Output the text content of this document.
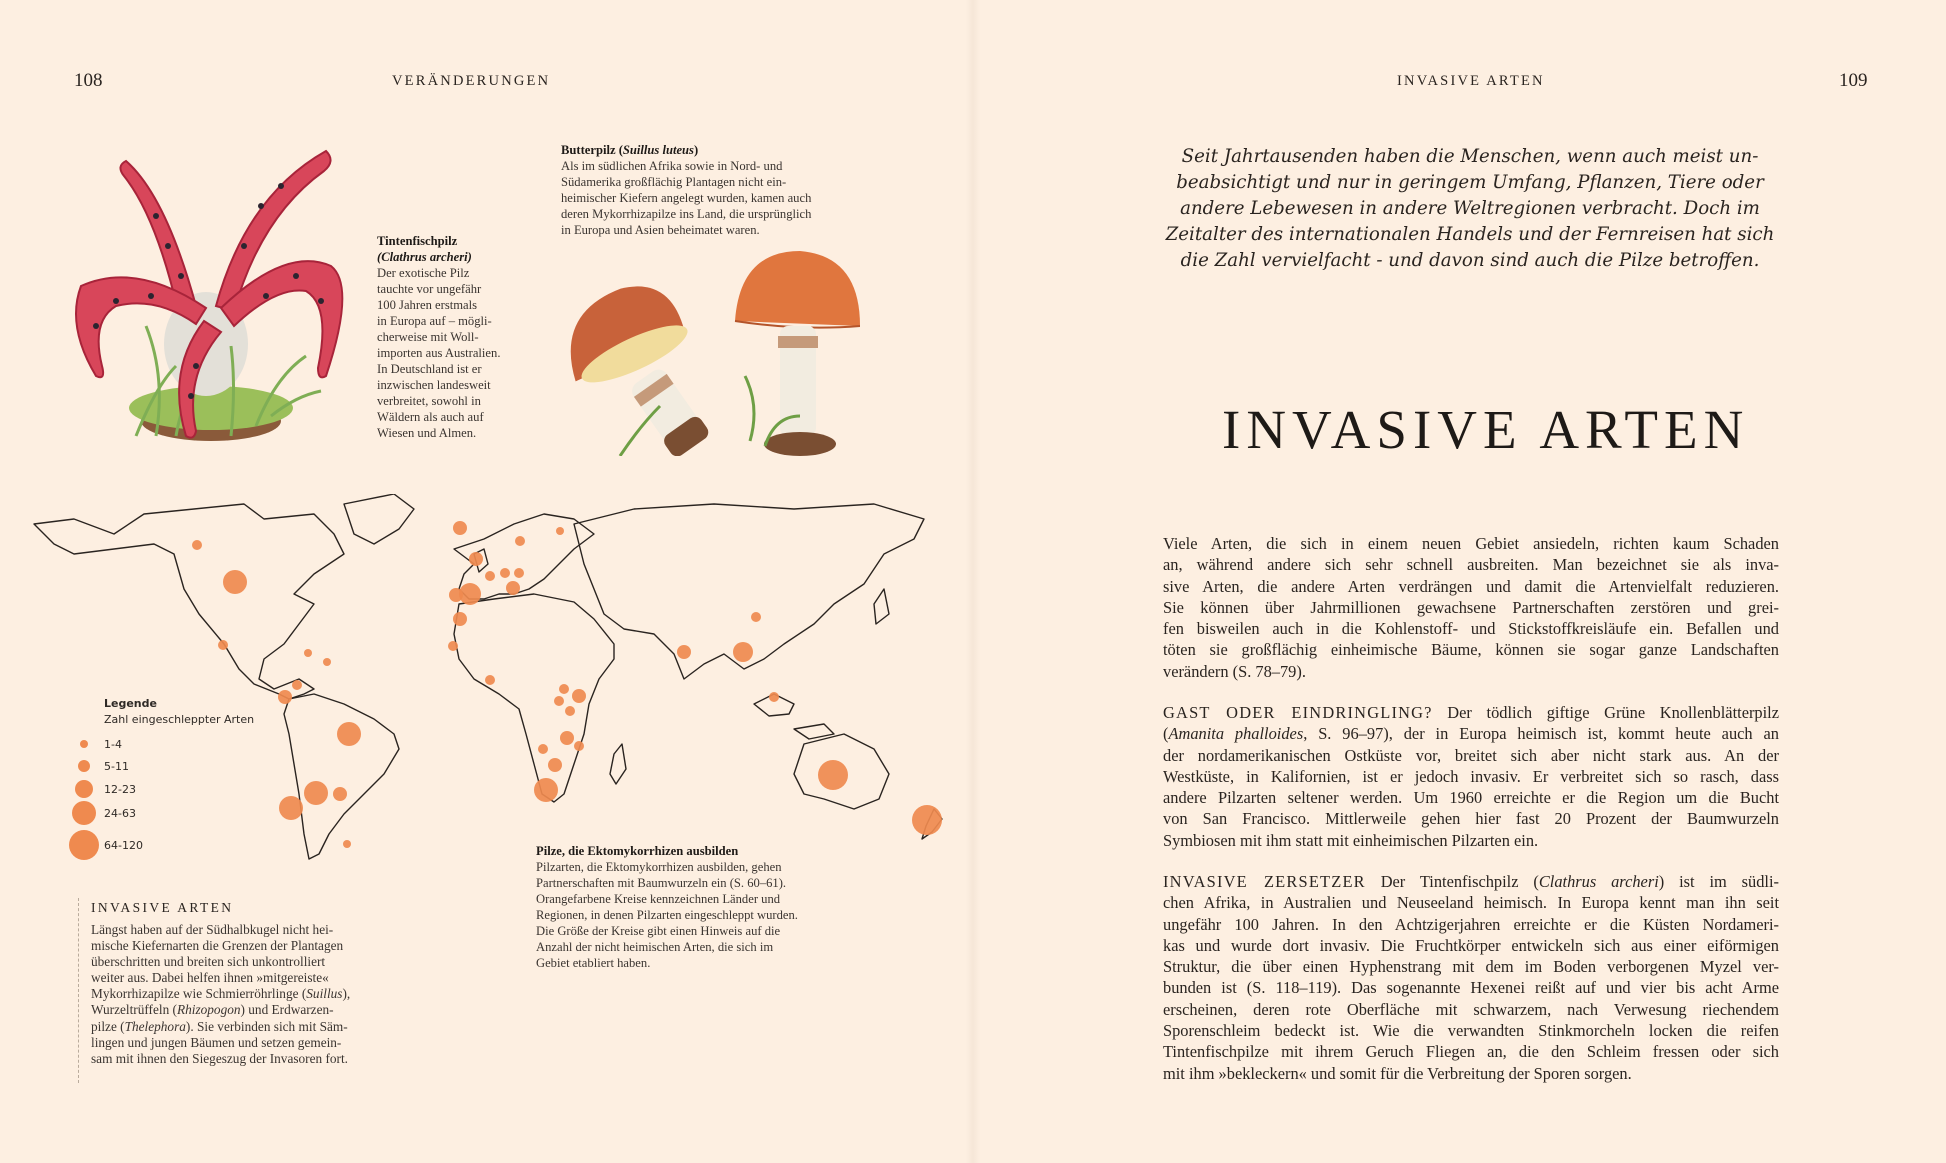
108	VERÄNDERUNGEN
Tintenfischpilz
(Clathrus archeri)
Der exotische Pilz
tauchte vor ungefähr
100 Jahren erstmals
in Europa auf – mögli-
cherweise mit Woll-
importen aus Australien.
In Deutschland ist er
inzwischen landesweit
verbreitet, sowohl in
Wäldern als auch auf
Wiesen und Almen.
Butterpilz (Suillus luteus)
Als im südlichen Afrika sowie in Nord- und
Südamerika großflächig Plantagen nicht ein-
heimischer Kiefern angelegt wurden, kamen auch
deren Mykorrhizapilze ins Land, die ursprünglich
in Europa und Asien beheimatet waren.
Legende
Zahl eingeschleppter Arten
1-4
5-11
12-23
24-63
64-120	Pilze, die Ektomykorrhizen ausbilden
Pilzarten, die Ektomykorrhizen ausbilden, gehen
Partnerschaften mit Baumwurzeln ein (S. 60–61).
Orangefarbene Kreise kennzeichnen Länder und
Regionen, in denen Pilzarten eingeschleppt wurden.
Die Größe der Kreise gibt einen Hinweis auf die
Anzahl der nicht heimischen Arten, die sich im
Gebiet etabliert haben.
INVASIVE ARTEN
Längst haben auf der Südhalbkugel nicht hei-
mische Kiefernarten die Grenzen der Plantagen
überschritten und breiten sich unkontrolliert
weiter aus. Dabei helfen ihnen »mitgereiste«
Mykorrhizapilze wie Schmierröhrlinge (Suillus),
Wurzeltrüffeln (Rhizopogon) und Erdwarzen-
pilze (Thelephora). Sie verbinden sich mit Säm-
lingen und jungen Bäumen und setzen gemein-
sam mit ihnen den Siegeszug der Invasoren fort.
INVASIVE ARTEN	109
Seit Jahrtausenden haben die Menschen, wenn auch meist un-
beabsichtigt und nur in geringem Umfang, Pflanzen, Tiere oder
andere Lebewesen in andere Weltregionen verbracht. Doch im
Zeitalter des internationalen Handels und der Fernreisen hat sich
die Zahl vervielfacht - und davon sind auch die Pilze betroffen.
INVASIVE ARTEN
Viele Arten, die sich in einem neuen Gebiet ansiedeln, richten kaum Schaden
an, während andere sich sehr schnell ausbreiten. Man bezeichnet sie als inva-
sive Arten, die andere Arten verdrängen und damit die Artenvielfalt reduzieren.
Sie können über Jahrmillionen gewachsene Partnerschaften zerstören und grei-
fen bisweilen auch in die Kohlenstoff- und Stickstoffkreisläufe ein. Befallen und
töten sie großflächig einheimische Bäume, können sie sogar ganze Landschaften
verändern (S. 78–79).
GAST ODER EINDRINGLING? Der tödlich giftige Grüne Knollenblätterpilz
(Amanita phalloides, S. 96–97), der in Europa heimisch ist, kommt heute auch an
der nordamerikanischen Ostküste vor, breitet sich aber nicht stark aus. An der
Westküste, in Kalifornien, ist er jedoch invasiv. Er verbreitet sich so rasch, dass
andere Pilzarten seltener werden. Um 1960 erreichte er die Region um die Bucht
von San Francisco. Mittlerweile gehen hier fast 20 Prozent der Baumwurzeln
Symbiosen mit ihm statt mit einheimischen Pilzarten ein.
INVASIVE ZERSETZER Der Tintenfischpilz (Clathrus archeri) ist im südli-
chen Afrika, in Australien und Neuseeland heimisch. In Europa kennt man ihn seit
ungefähr 100 Jahren. In den Achtzigerjahren erreichte er die Küsten Nordameri-
kas und wurde dort invasiv. Die Fruchtkörper entwickeln sich aus einer eiförmigen
Struktur, die über einen Hyphenstrang mit dem im Boden verborgenen Myzel ver-
bunden ist (S. 118–119). Das sogenannte Hexenei reißt auf und vier bis acht Arme
erscheinen, deren rote Oberfläche mit schwarzem, nach Verwesung riechendem
Sporenschleim bedeckt ist. Wie die verwandten Stinkmorcheln locken die reifen
Tintenfischpilze mit ihrem Geruch Fliegen an, die den Schleim fressen oder sich
mit ihm »bekleckern« und somit für die Verbreitung der Sporen sorgen.
